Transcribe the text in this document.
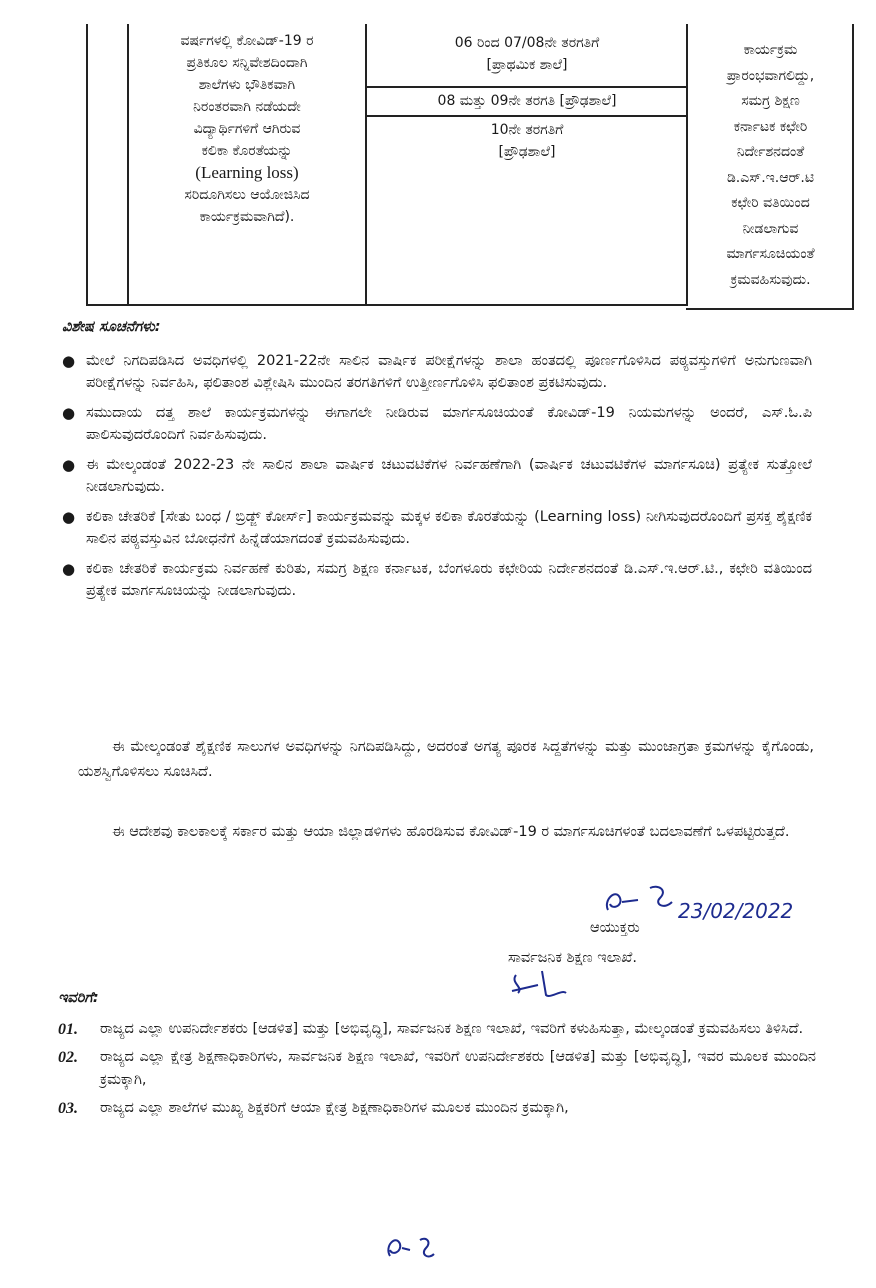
ವರ್ಷಗಳಲ್ಲಿ ಕೋವಿಡ್-19 ರ
ಪ್ರತಿಕೂಲ ಸನ್ನಿವೇಶದಿಂದಾಗಿ
ಶಾಲೆಗಳು ಭೌತಿಕವಾಗಿ
ನಿರಂತರವಾಗಿ ನಡೆಯದೇ
ವಿದ್ಯಾರ್ಥಿಗಳಿಗೆ ಆಗಿರುವ
ಕಲಿಕಾ ಕೊರತೆಯನ್ನು
(Learning loss)
ಸರಿದೂಗಿಸಲು ಆಯೋಜಿಸಿದ
ಕಾರ್ಯಕ್ರಮವಾಗಿದೆ).
06 ರಿಂದ 07/08ನೇ ತರಗತಿಗೆ
[ಪ್ರಾಥಮಿಕ ಶಾಲೆ]
08 ಮತ್ತು 09ನೇ ತರಗತಿ [ಪ್ರೌಢಶಾಲೆ]
10ನೇ ತರಗತಿಗೆ
[ಪ್ರೌಢಶಾಲೆ]
ಕಾರ್ಯಕ್ರಮ
ಪ್ರಾರಂಭವಾಗಲಿದ್ದು,
ಸಮಗ್ರ ಶಿಕ್ಷಣ
ಕರ್ನಾಟಕ ಕಛೇರಿ
ನಿರ್ದೇಶನದಂತೆ
ಡಿ.ಎಸ್.ಇ.ಆರ್.ಟಿ
ಕಛೇರಿ ವತಿಯಿಂದ
ನೀಡಲಾಗುವ
ಮಾರ್ಗಸೂಚಿಯಂತೆ
ಕ್ರಮವಹಿಸುವುದು.
ವಿಶೇಷ ಸೂಚನೆಗಳು:
● ಮೇಲೆ ನಿಗದಿಪಡಿಸಿದ ಅವಧಿಗಳಲ್ಲಿ 2021-22ನೇ ಸಾಲಿನ ವಾರ್ಷಿಕ ಪರೀಕ್ಷೆಗಳನ್ನು ಶಾಲಾ ಹಂತದಲ್ಲಿ ಪೂರ್ಣಗೊಳಿಸಿದ ಪಠ್ಯವಸ್ತುಗಳಿಗೆ ಅನುಗುಣವಾಗಿ ಪರೀಕ್ಷೆಗಳನ್ನು ನಿರ್ವಹಿಸಿ, ಫಲಿತಾಂಶ ವಿಶ್ಲೇಷಿಸಿ ಮುಂದಿನ ತರಗತಿಗಳಿಗೆ ಉತ್ತೀರ್ಣಗೊಳಿಸಿ ಫಲಿತಾಂಶ ಪ್ರಕಟಿಸುವುದು.
● ಸಮುದಾಯ ದತ್ತ ಶಾಲೆ ಕಾರ್ಯಕ್ರಮಗಳನ್ನು ಈಗಾಗಲೇ ನೀಡಿರುವ ಮಾರ್ಗಸೂಚಿಯಂತೆ ಕೋವಿಡ್-19 ನಿಯಮಗಳನ್ನು ಅಂದರೆ, ಎಸ್.ಓ.ಪಿ ಪಾಲಿಸುವುದರೊಂದಿಗೆ ನಿರ್ವಹಿಸುವುದು.
● ಈ ಮೇಲ್ಕಂಡಂತೆ 2022-23 ನೇ ಸಾಲಿನ ಶಾಲಾ ವಾರ್ಷಿಕ ಚಟುವಟಿಕೆಗಳ ನಿರ್ವಹಣೆಗಾಗಿ (ವಾರ್ಷಿಕ ಚಟುವಟಿಕೆಗಳ ಮಾರ್ಗಸೂಚಿ) ಪ್ರತ್ಯೇಕ ಸುತ್ತೋಲೆ ನೀಡಲಾಗುವುದು.
● ಕಲಿಕಾ ಚೇತರಿಕೆ [ಸೇತು ಬಂಧ / ಬ್ರಿಡ್ಜ್ ಕೋರ್ಸ್] ಕಾರ್ಯಕ್ರಮವನ್ನು ಮಕ್ಕಳ ಕಲಿಕಾ ಕೊರತೆಯನ್ನು (Learning loss) ನೀಗಿಸುವುದರೊಂದಿಗೆ ಪ್ರಸಕ್ತ ಶೈಕ್ಷಣಿಕ ಸಾಲಿನ ಪಠ್ಯವಸ್ತುವಿನ ಬೋಧನೆಗೆ ಹಿನ್ನೆಡೆಯಾಗದಂತೆ ಕ್ರಮವಹಿಸುವುದು.
● ಕಲಿಕಾ ಚೇತರಿಕೆ ಕಾರ್ಯಕ್ರಮ ನಿರ್ವಹಣೆ ಕುರಿತು, ಸಮಗ್ರ ಶಿಕ್ಷಣ ಕರ್ನಾಟಕ, ಬೆಂಗಳೂರು ಕಛೇರಿಯ ನಿರ್ದೇಶನದಂತೆ ಡಿ.ಎಸ್.ಇ.ಆರ್.ಟಿ., ಕಛೇರಿ ವತಿಯಿಂದ ಪ್ರತ್ಯೇಕ ಮಾರ್ಗಸೂಚಿಯನ್ನು ನೀಡಲಾಗುವುದು.
ಈ ಮೇಲ್ಕಂಡಂತೆ ಶೈಕ್ಷಣಿಕ ಸಾಲುಗಳ ಅವಧಿಗಳನ್ನು ನಿಗದಿಪಡಿಸಿದ್ದು, ಅದರಂತೆ ಅಗತ್ಯ ಪೂರಕ ಸಿದ್ದತೆಗಳನ್ನು ಮತ್ತು ಮುಂಜಾಗ್ರತಾ ಕ್ರಮಗಳನ್ನು ಕೈಗೊಂಡು, ಯಶಸ್ವಿಗೊಳಿಸಲು ಸೂಚಿಸಿದೆ.
ಈ ಆದೇಶವು ಕಾಲಕಾಲಕ್ಕೆ ಸರ್ಕಾರ ಮತ್ತು ಆಯಾ ಜಿಲ್ಲಾಡಳಿಗಳು ಹೊರಡಿಸುವ ಕೋವಿಡ್-19 ರ ಮಾರ್ಗಸೂಚಿಗಳಂತೆ ಬದಲಾವಣೆಗೆ ಒಳಪಟ್ಟಿರುತ್ತದೆ.
23/02/2022
ಆಯುಕ್ತರು
ಸಾರ್ವಜನಿಕ ಶಿಕ್ಷಣ ಇಲಾಖೆ.
ಇವರಿಗೆ:
01. ರಾಜ್ಯದ ಎಲ್ಲಾ ಉಪನಿರ್ದೇಶಕರು [ಆಡಳಿತ] ಮತ್ತು [ಅಭಿವೃದ್ಧಿ], ಸಾರ್ವಜನಿಕ ಶಿಕ್ಷಣ ಇಲಾಖೆ, ಇವರಿಗೆ ಕಳುಹಿಸುತ್ತಾ, ಮೇಲ್ಕಂಡಂತೆ ಕ್ರಮವಹಿಸಲು ತಿಳಿಸಿದೆ.
02. ರಾಜ್ಯದ ಎಲ್ಲಾ ಕ್ಷೇತ್ರ ಶಿಕ್ಷಣಾಧಿಕಾರಿಗಳು, ಸಾರ್ವಜನಿಕ ಶಿಕ್ಷಣ ಇಲಾಖೆ, ಇವರಿಗೆ ಉಪನಿರ್ದೇಶಕರು [ಆಡಳಿತ] ಮತ್ತು [ಅಭಿವೃದ್ಧಿ], ಇವರ ಮೂಲಕ ಮುಂದಿನ ಕ್ರಮಕ್ಕಾಗಿ,
03. ರಾಜ್ಯದ ಎಲ್ಲಾ ಶಾಲೆಗಳ ಮುಖ್ಯ ಶಿಕ್ಷಕರಿಗೆ ಆಯಾ ಕ್ಷೇತ್ರ ಶಿಕ್ಷಣಾಧಿಕಾರಿಗಳ ಮೂಲಕ ಮುಂದಿನ ಕ್ರಮಕ್ಕಾಗಿ,
